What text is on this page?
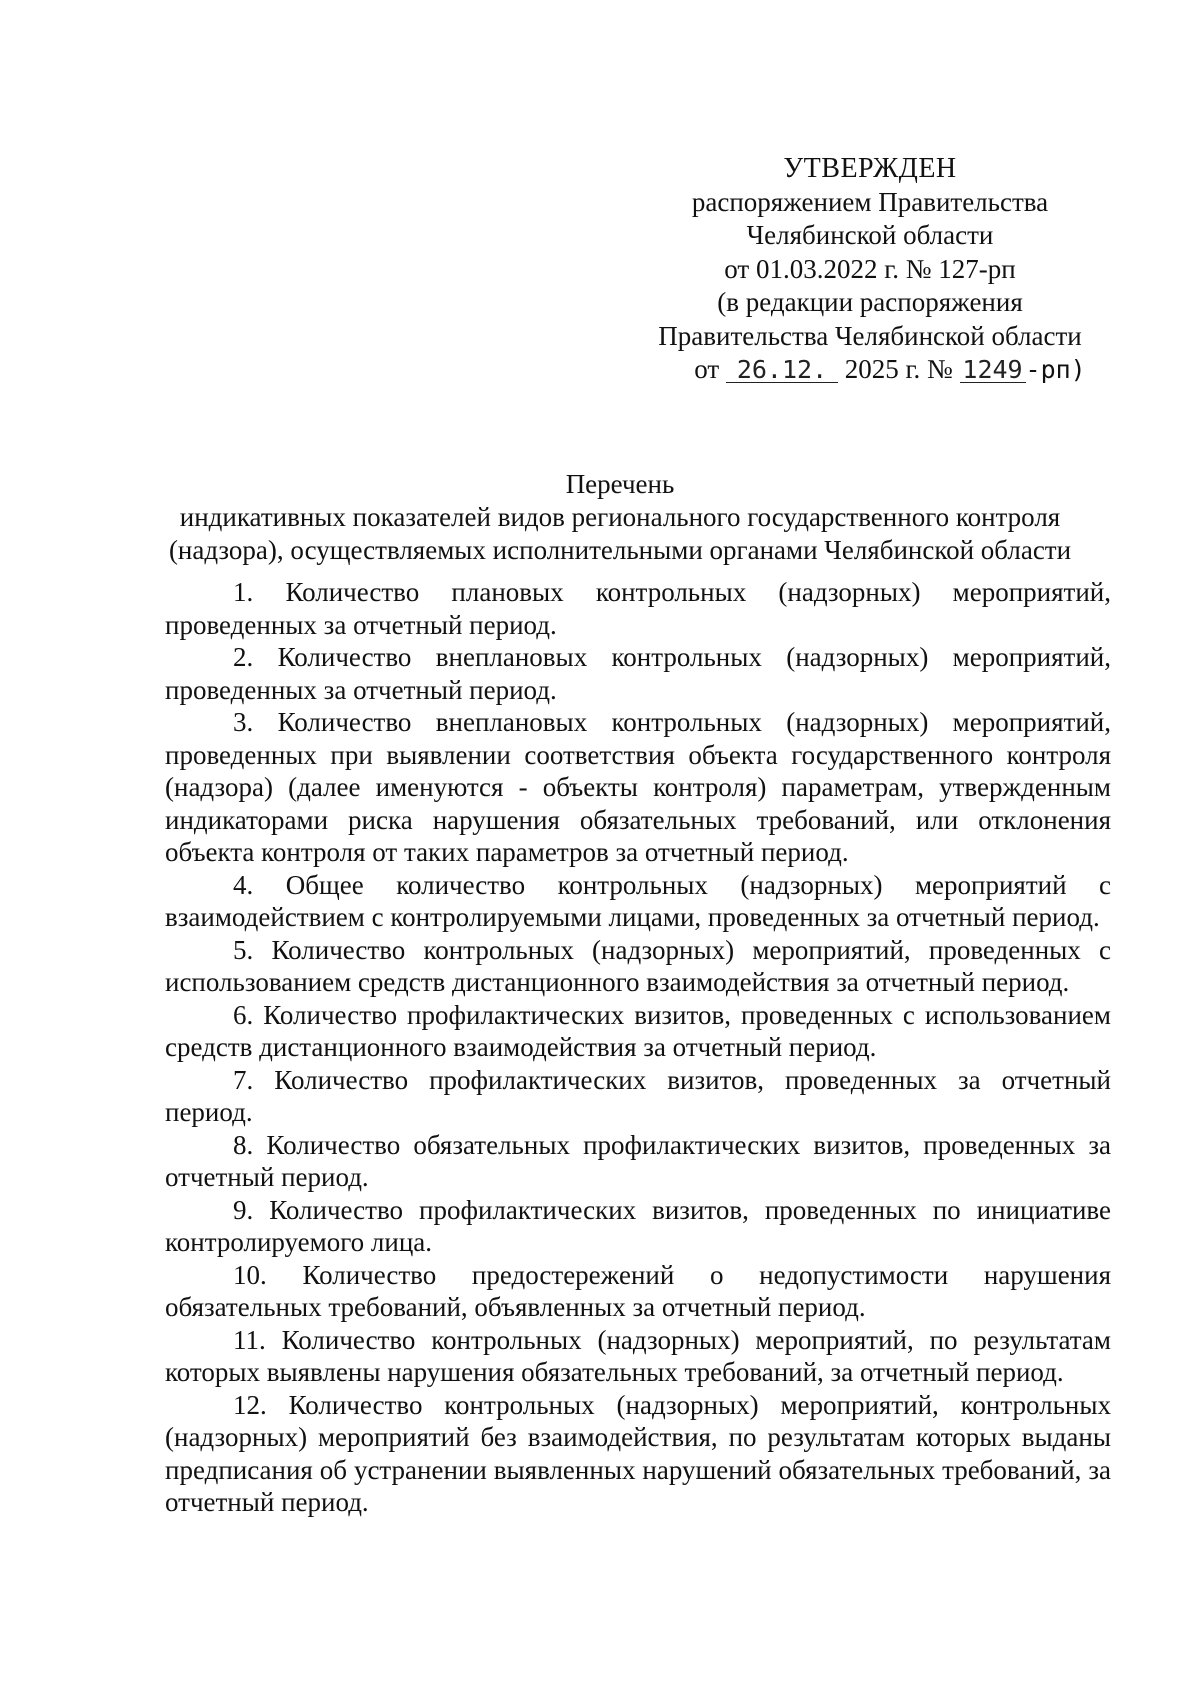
УТВЕРЖДЕН
распоряжением Правительства
Челябинской области
от 01.03.2022 г. № 127-рп
(в редакции распоряжения
Правительства Челябинской области
от 26.12. 2025 г. № 1249 -рп)
Перечень
индикативных показателей видов регионального государственного контроля
(надзора), осуществляемых исполнительными органами Челябинской области

1. Количество плановых контрольных (надзорных) мероприятий, проведенных за отчетный период.

2. Количество внеплановых контрольных (надзорных) мероприятий, проведенных за отчетный период.

3. Количество внеплановых контрольных (надзорных) мероприятий, проведенных при выявлении соответствия объекта государственного контроля (надзора) (далее именуются - объекты контроля) параметрам, утвержденным индикаторами риска нарушения обязательных требований, или отклонения объекта контроля от таких параметров за отчетный период.

4. Общее количество контрольных (надзорных) мероприятий с взаимодействием с контролируемыми лицами, проведенных за отчетный период.

5. Количество контрольных (надзорных) мероприятий, проведенных с использованием средств дистанционного взаимодействия за отчетный период.

6. Количество профилактических визитов, проведенных с использованием средств дистанционного взаимодействия за отчетный период.

7. Количество профилактических визитов, проведенных за отчетный период.

8. Количество обязательных профилактических визитов, проведенных за отчетный период.

9. Количество профилактических визитов, проведенных по инициативе контролируемого лица.

10. Количество предостережений о недопустимости нарушения обязательных требований, объявленных за отчетный период.

11. Количество контрольных (надзорных) мероприятий, по результатам которых выявлены нарушения обязательных требований, за отчетный период.

12. Количество контрольных (надзорных) мероприятий, контрольных (надзорных) мероприятий без взаимодействия, по результатам которых выданы предписания об устранении выявленных нарушений обязательных требований, за отчетный период.
